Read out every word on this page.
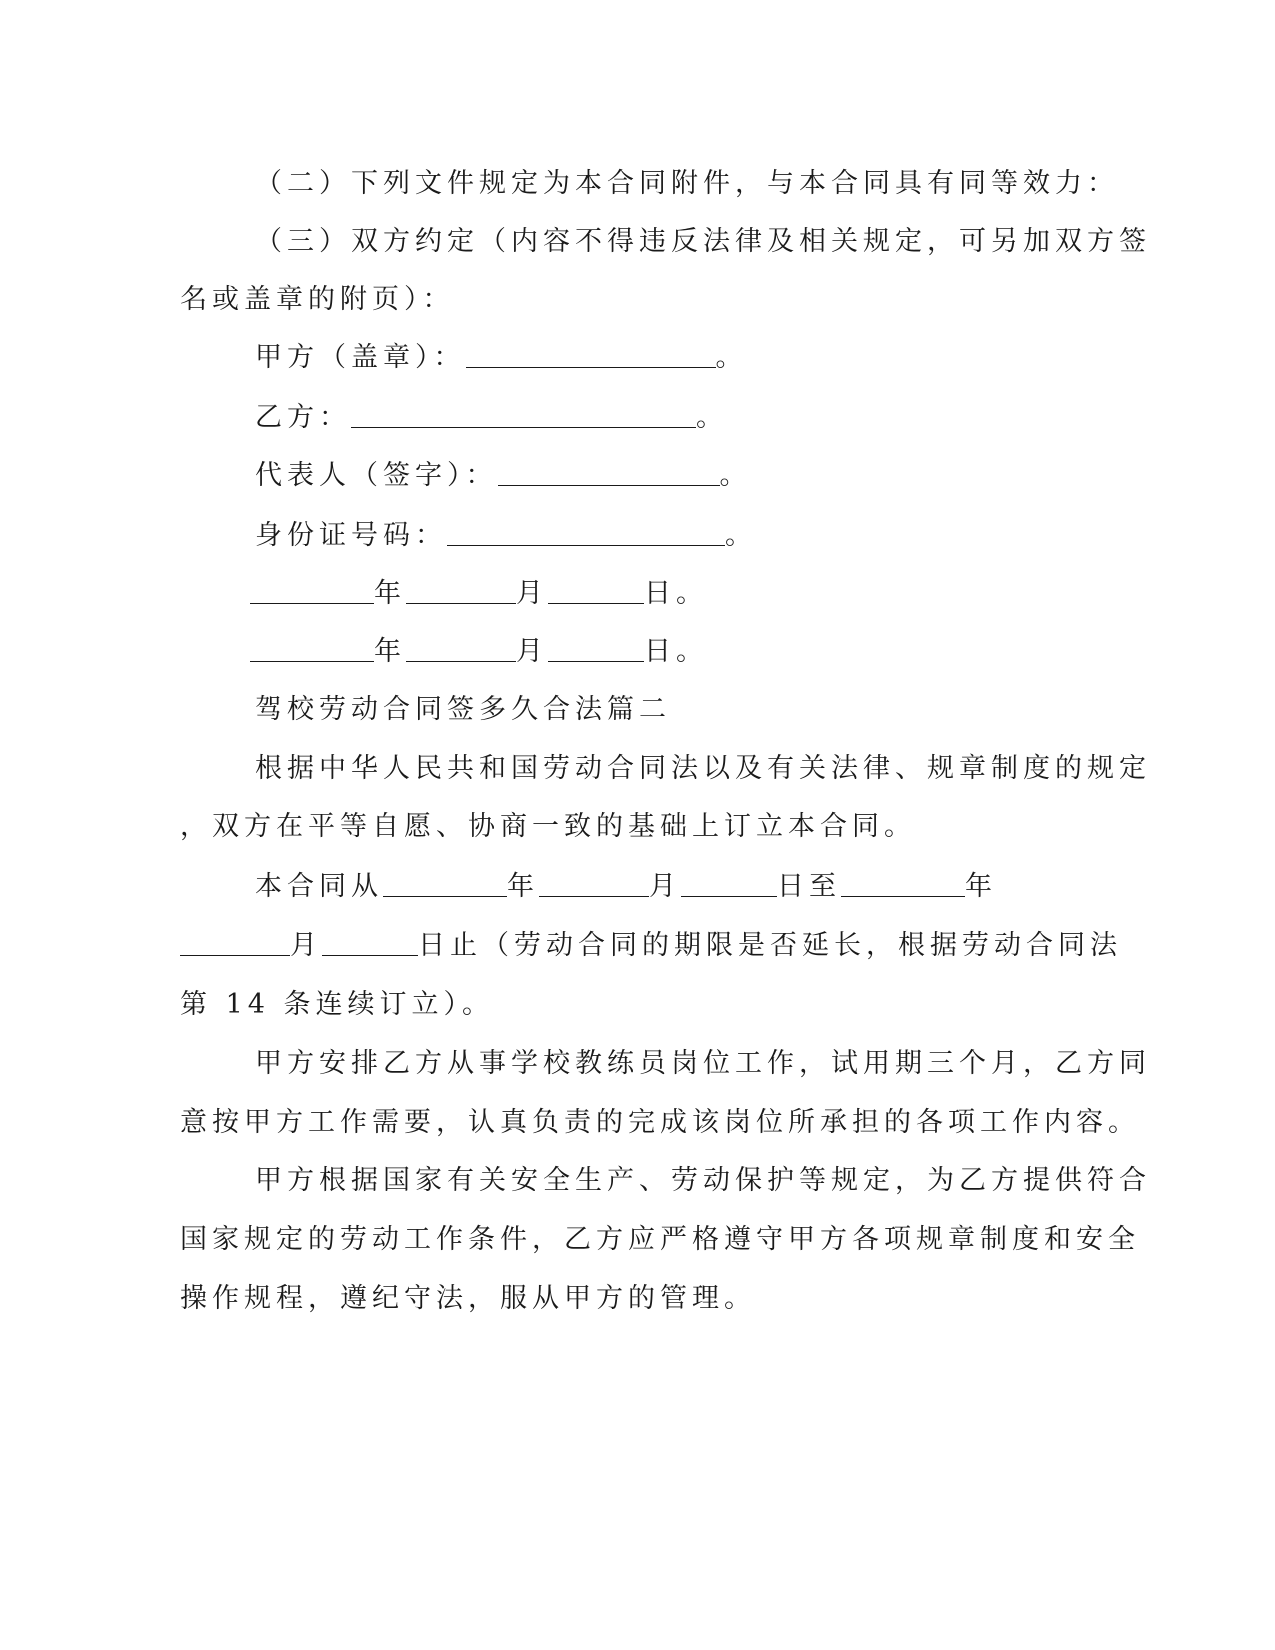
（二）下列文件规定为本合同附件，与本合同具有同等效力：
（三）双方约定（内容不得违反法律及相关规定，可另加双方签
名或盖章的附页）：
甲方（盖章）：	。
乙方：	。
代表人（签字）：	。
身份证号码：	。
年	月	日。
年	月	日。
驾校劳动合同签多久合法篇二
根据中华人民共和国劳动合同法以及有关法律、规章制度的规定
，双方在平等自愿、协商一致的基础上订立本合同。
本合同从	年	月	日至	年
月	日止（劳动合同的期限是否延长，根据劳动合同法
第 14 条连续订立）。
甲方安排乙方从事学校教练员岗位工作，试用期三个月，乙方同
意按甲方工作需要，认真负责的完成该岗位所承担的各项工作内容。
甲方根据国家有关安全生产、劳动保护等规定，为乙方提供符合
国家规定的劳动工作条件，乙方应严格遵守甲方各项规章制度和安全
操作规程，遵纪守法，服从甲方的管理。
